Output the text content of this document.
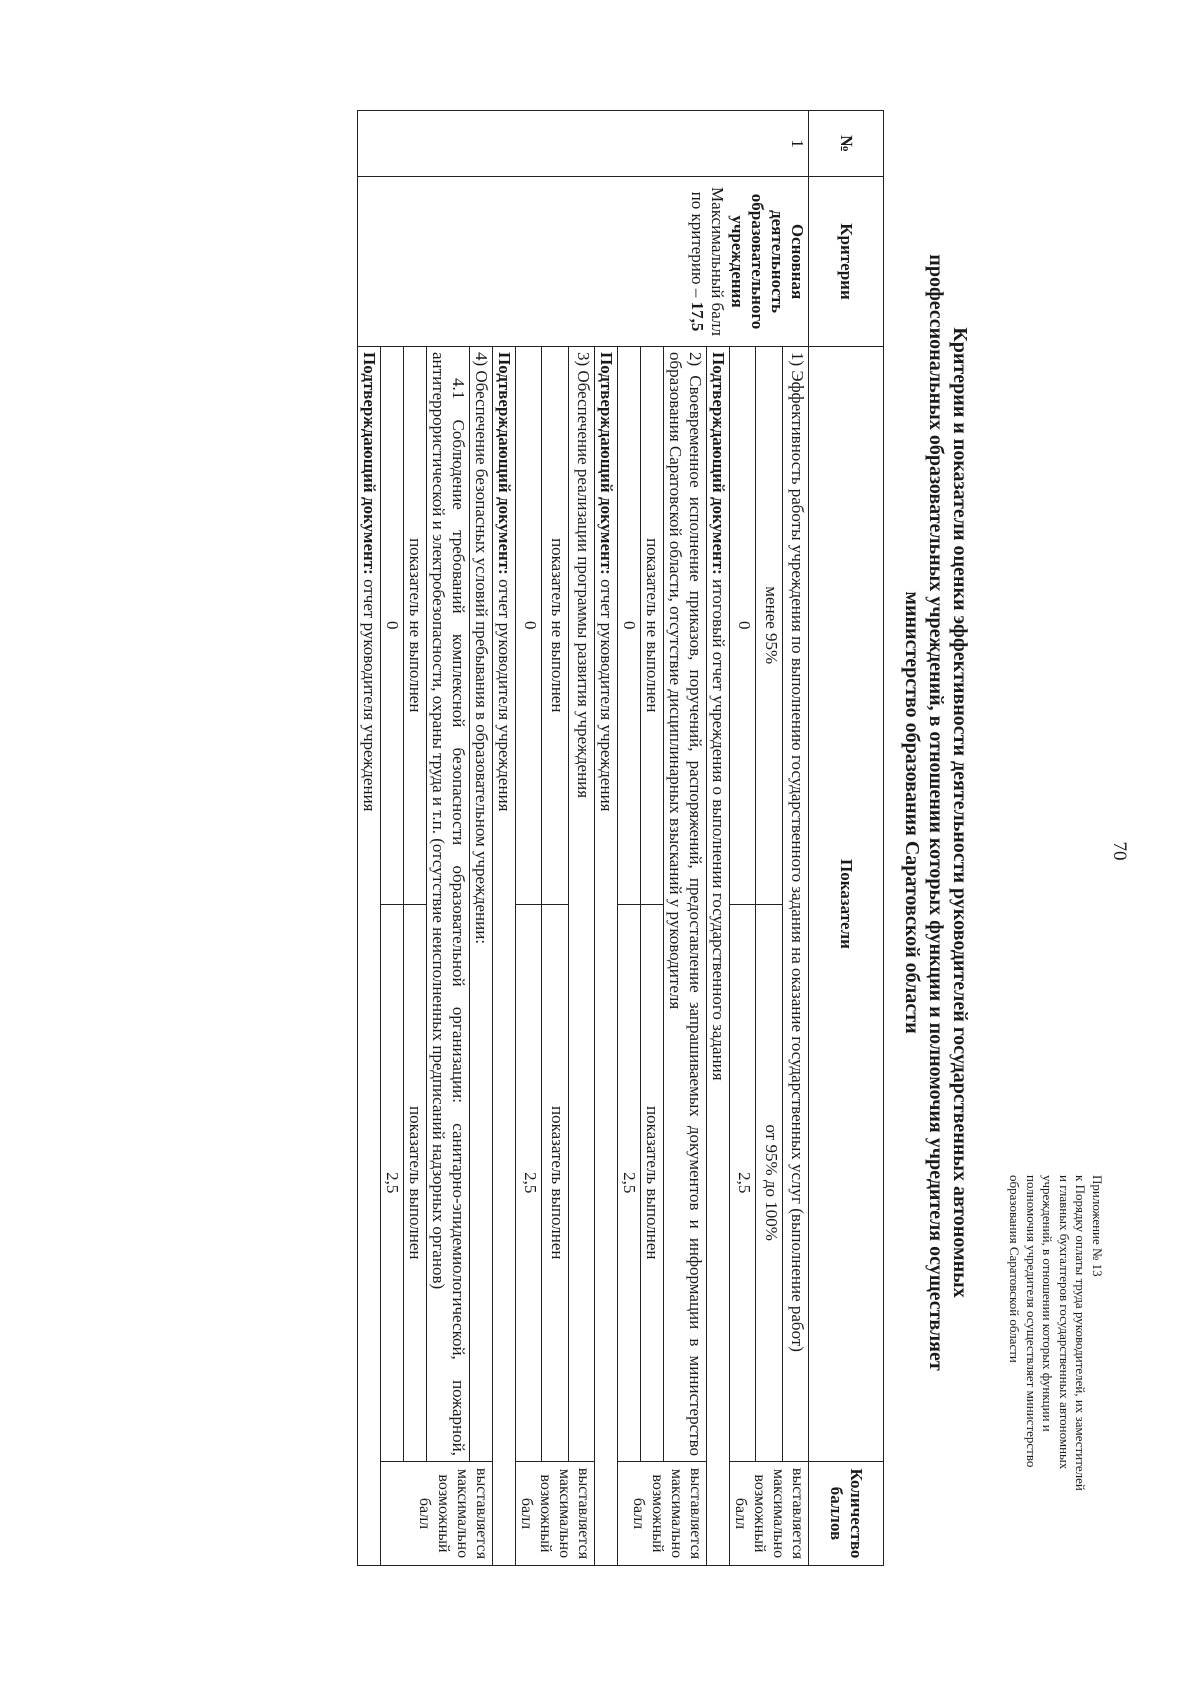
70
Приложение № 13
к Порядку оплаты труда руководителей, их заместителей
и главных бухгалтеров государственных автономных
учреждений, в отношении которых функции и
полномочия учредителя осуществляет министерство
образования Саратовской области
Критерии и показатели оценки эффективности деятельности руководителей государственных автономных
профессиональных образовательных учреждений, в отношении которых функции и полномочия учредителя осуществляет
министерство образования Саратовской области
№	Критерии	Показатели		Количество баллов
1	Основная деятельность образовательного учреждения
Максимальный балл по критерию – 17,5	1) Эффективность работы учреждения по выполнению государственного задания на оказание государственных услуг (выполнение работ)		выставляется максимально возможный балл
		менее 95%	от 95% до 100%	
		0	2,5	
		Подтверждающий документ: итоговый отчет учреждения о выполнении государственного задания		
		2) Своевременное исполнение приказов, поручений, распоряжений, предоставление запрашиваемых документов и информации в министерство образования Саратовской области, отсутствие дисциплинарных взысканий у руководителя		выставляется максимально возможный балл
		показатель не выполнен	показатель выполнен	
		0	2,5	
		Подтверждающий документ: отчет руководителя учреждения		
		3) Обеспечение реализации программы развития учреждения		выставляется максимально возможный балл
		показатель не выполнен	показатель выполнен	
		0	2,5	
		Подтверждающий документ: отчет руководителя учреждения		
		4) Обеспечение безопасных условий пребывания в образовательном учреждении:		выставляется максимально возможный балл
		4.1 Соблюдение требований комплексной безопасности образовательной организации: санитарно-эпидемиологической, пожарной, антитеррористической и электробезопасности, охраны труда и т.п. (отсутствие неисполненных предписаний надзорных органов)		
		показатель не выполнен	показатель выполнен	
		0	2,5	
		Подтверждающий документ: отчет руководителя учреждения		
